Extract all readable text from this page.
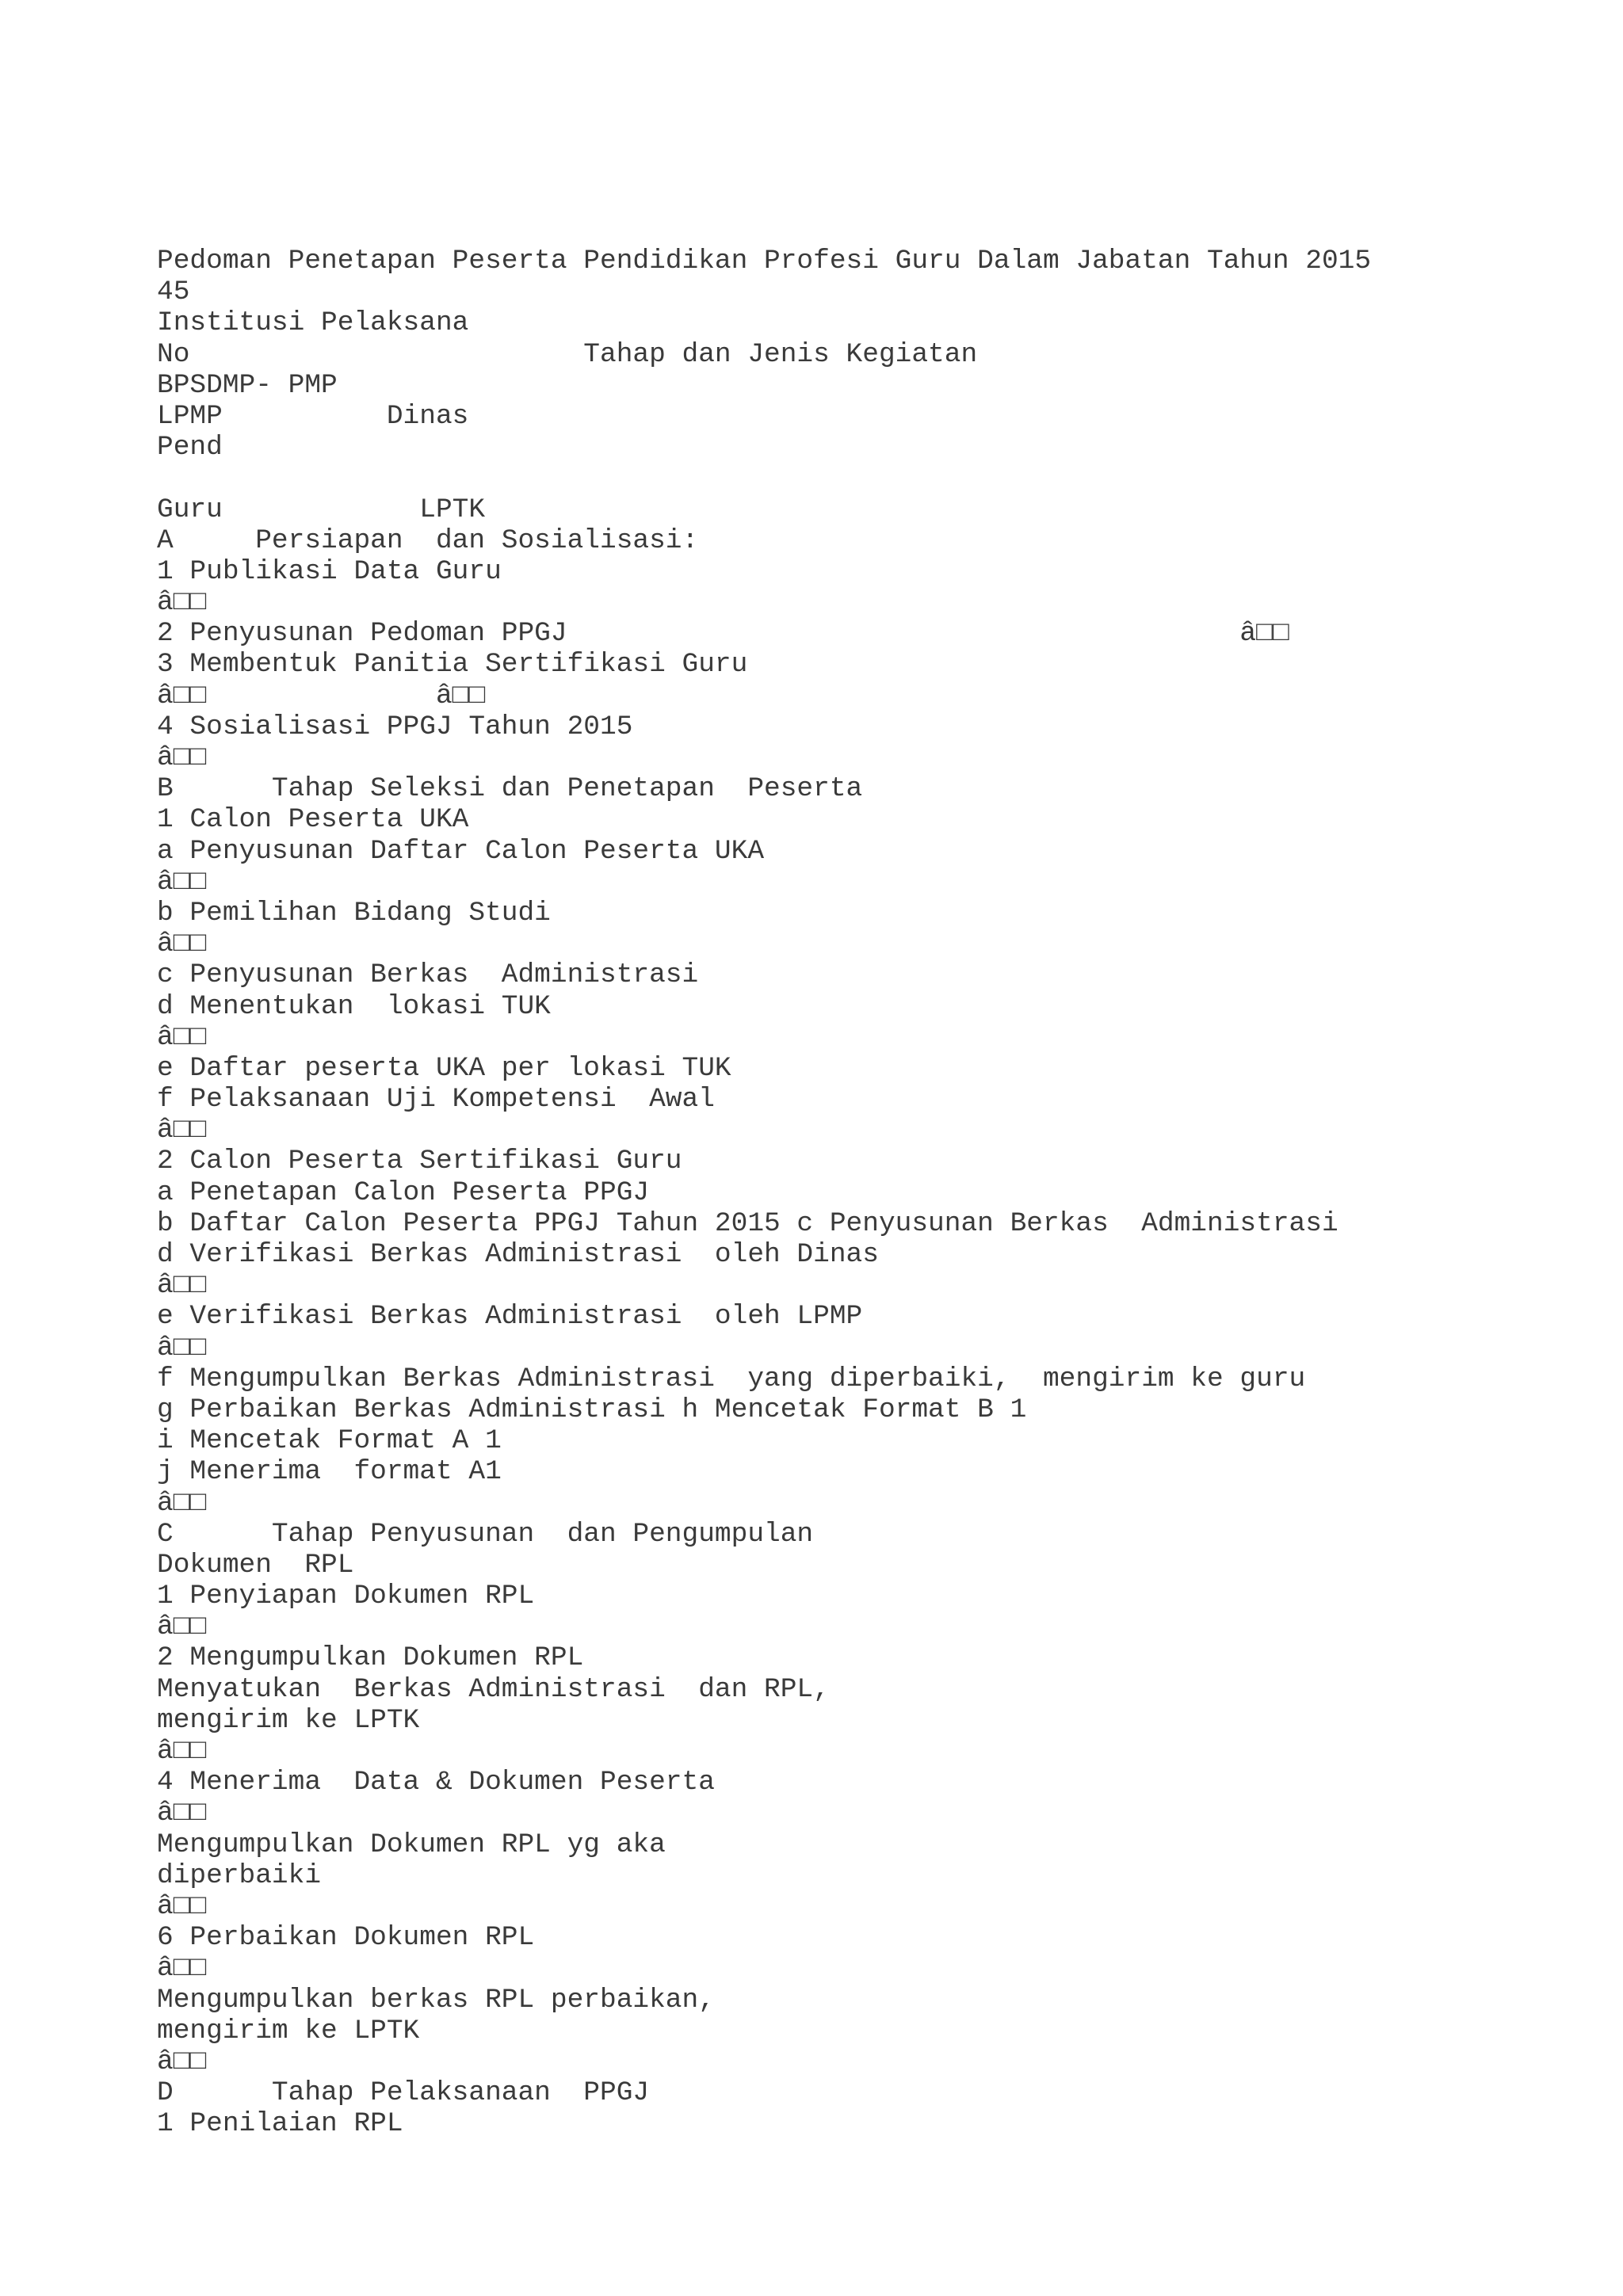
Pedoman Penetapan Peserta Pendidikan Profesi Guru Dalam Jabatan Tahun 2015
45
Institusi Pelaksana
No                        Tahap dan Jenis Kegiatan
BPSDMP- PMP
LPMP          Dinas
Pend
Guru            LPTK
A     Persiapan  dan Sosialisasi:
1 Publikasi Data Guru
â□□
2 Penyusunan Pedoman PPGJ                                         â□□
3 Membentuk Panitia Sertifikasi Guru
â□□              â□□
4 Sosialisasi PPGJ Tahun 2015
â□□
B      Tahap Seleksi dan Penetapan  Peserta
1 Calon Peserta UKA
a Penyusunan Daftar Calon Peserta UKA
â□□
b Pemilihan Bidang Studi
â□□
c Penyusunan Berkas  Administrasi
d Menentukan  lokasi TUK
â□□
e Daftar peserta UKA per lokasi TUK
f Pelaksanaan Uji Kompetensi  Awal
â□□
2 Calon Peserta Sertifikasi Guru
a Penetapan Calon Peserta PPGJ
b Daftar Calon Peserta PPGJ Tahun 2015 c Penyusunan Berkas  Administrasi
d Verifikasi Berkas Administrasi  oleh Dinas
â□□
e Verifikasi Berkas Administrasi  oleh LPMP
â□□
f Mengumpulkan Berkas Administrasi  yang diperbaiki,  mengirim ke guru
g Perbaikan Berkas Administrasi h Mencetak Format B 1
i Mencetak Format A 1
j Menerima  format A1
â□□
C      Tahap Penyusunan  dan Pengumpulan
Dokumen  RPL
1 Penyiapan Dokumen RPL
â□□
2 Mengumpulkan Dokumen RPL
Menyatukan  Berkas Administrasi  dan RPL,
mengirim ke LPTK
â□□
4 Menerima  Data & Dokumen Peserta
â□□
Mengumpulkan Dokumen RPL yg aka
diperbaiki
â□□
6 Perbaikan Dokumen RPL
â□□
Mengumpulkan berkas RPL perbaikan,
mengirim ke LPTK
â□□
D      Tahap Pelaksanaan  PPGJ
1 Penilaian RPL
